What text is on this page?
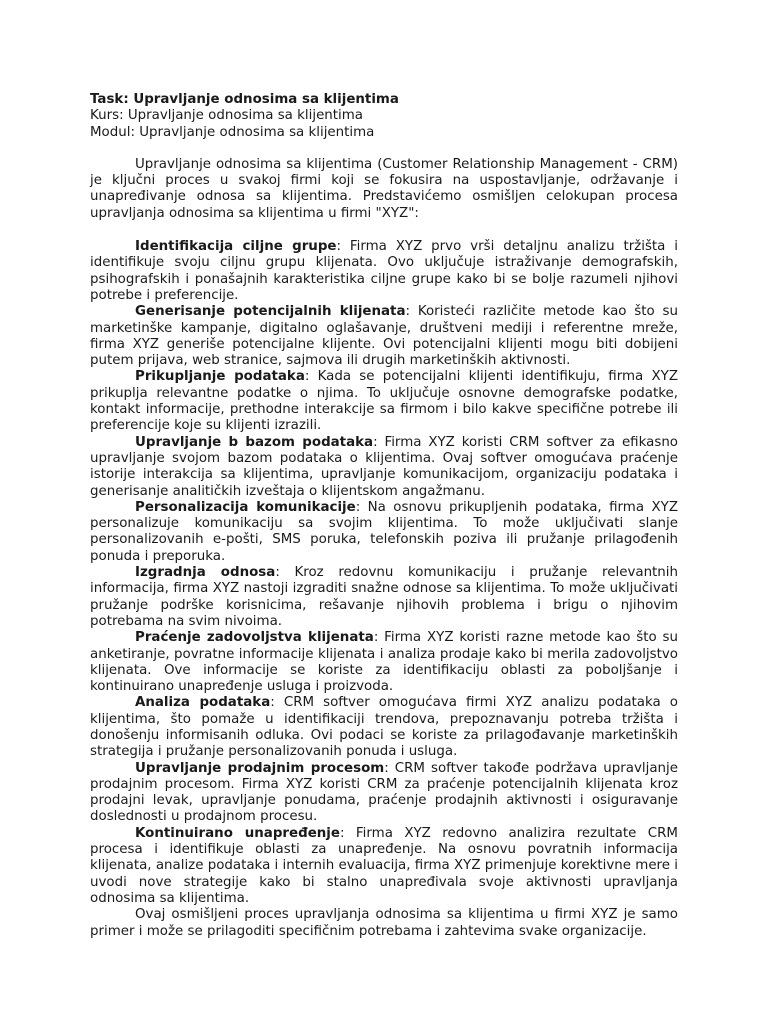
Task: Upravljanje odnosima sa klijentima

Kurs: Upravljanje odnosima sa klijentima

Modul: Upravljanje odnosima sa klijentima

Upravljanje odnosima sa klijentima (Customer Relationship Management - CRM) je ključni proces u svakoj firmi koji se fokusira na uspostavljanje, održavanje i unapređivanje odnosa sa klijentima. Predstavićemo osmišljen celokupan procesa upravljanja odnosima sa klijentima u firmi "XYZ":

Identifikacija ciljne grupe: Firma XYZ prvo vrši detaljnu analizu tržišta i identifikuje svoju ciljnu grupu klijenata. Ovo uključuje istraživanje demografskih, psihografskih i ponašajnih karakteristika ciljne grupe kako bi se bolje razumeli njihovi potrebe i preferencije.

Generisanje potencijalnih klijenata: Koristeći različite metode kao što su marketinške kampanje, digitalno oglašavanje, društveni mediji i referentne mreže, firma XYZ generiše potencijalne klijente. Ovi potencijalni klijenti mogu biti dobijeni putem prijava, web stranice, sajmova ili drugih marketinških aktivnosti.

Prikupljanje podataka: Kada se potencijalni klijenti identifikuju, firma XYZ prikuplja relevantne podatke o njima. To uključuje osnovne demografske podatke, kontakt informacije, prethodne interakcije sa firmom i bilo kakve specifične potrebe ili preferencije koje su klijenti izrazili.

Upravljanje b bazom podataka: Firma XYZ koristi CRM softver za efikasno upravljanje svojom bazom podataka o klijentima. Ovaj softver omogućava praćenje istorije interakcija sa klijentima, upravljanje komunikacijom, organizaciju podataka i generisanje analitičkih izveštaja o klijentskom angažmanu.

Personalizacija komunikacije: Na osnovu prikupljenih podataka, firma XYZ personalizuje komunikaciju sa svojim klijentima. To može uključivati slanje personalizovanih e-pošti, SMS poruka, telefonskih poziva ili pružanje prilagođenih ponuda i preporuka.

Izgradnja odnosa: Kroz redovnu komunikaciju i pružanje relevantnih informacija, firma XYZ nastoji izgraditi snažne odnose sa klijentima. To može uključivati pružanje podrške korisnicima, rešavanje njihovih problema i brigu o njihovim potrebama na svim nivoima.

Praćenje zadovoljstva klijenata: Firma XYZ koristi razne metode kao što su anketiranje, povratne informacije klijenata i analiza prodaje kako bi merila zadovoljstvo klijenata. Ove informacije se koriste za identifikaciju oblasti za poboljšanje i kontinuirano unapređenje usluga i proizvoda.

Analiza podataka: CRM softver omogućava firmi XYZ analizu podataka o klijentima, što pomaže u identifikaciji trendova, prepoznavanju potreba tržišta i donošenju informisanih odluka. Ovi podaci se koriste za prilagođavanje marketinških strategija i pružanje personalizovanih ponuda i usluga.

Upravljanje prodajnim procesom: CRM softver takođe podržava upravljanje prodajnim procesom. Firma XYZ koristi CRM za praćenje potencijalnih klijenata kroz prodajni levak, upravljanje ponudama, praćenje prodajnih aktivnosti i osiguravanje doslednosti u prodajnom procesu.

Kontinuirano unapređenje: Firma XYZ redovno analizira rezultate CRM procesa i identifikuje oblasti za unapređenje. Na osnovu povratnih informacija klijenata, analize podataka i internih evaluacija, firma XYZ primenjuje korektivne mere i uvodi nove strategije kako bi stalno unapređivala svoje aktivnosti upravljanja odnosima sa klijentima.

Ovaj osmišljeni proces upravljanja odnosima sa klijentima u firmi XYZ je samo primer i može se prilagoditi specifičnim potrebama i zahtevima svake organizacije.
